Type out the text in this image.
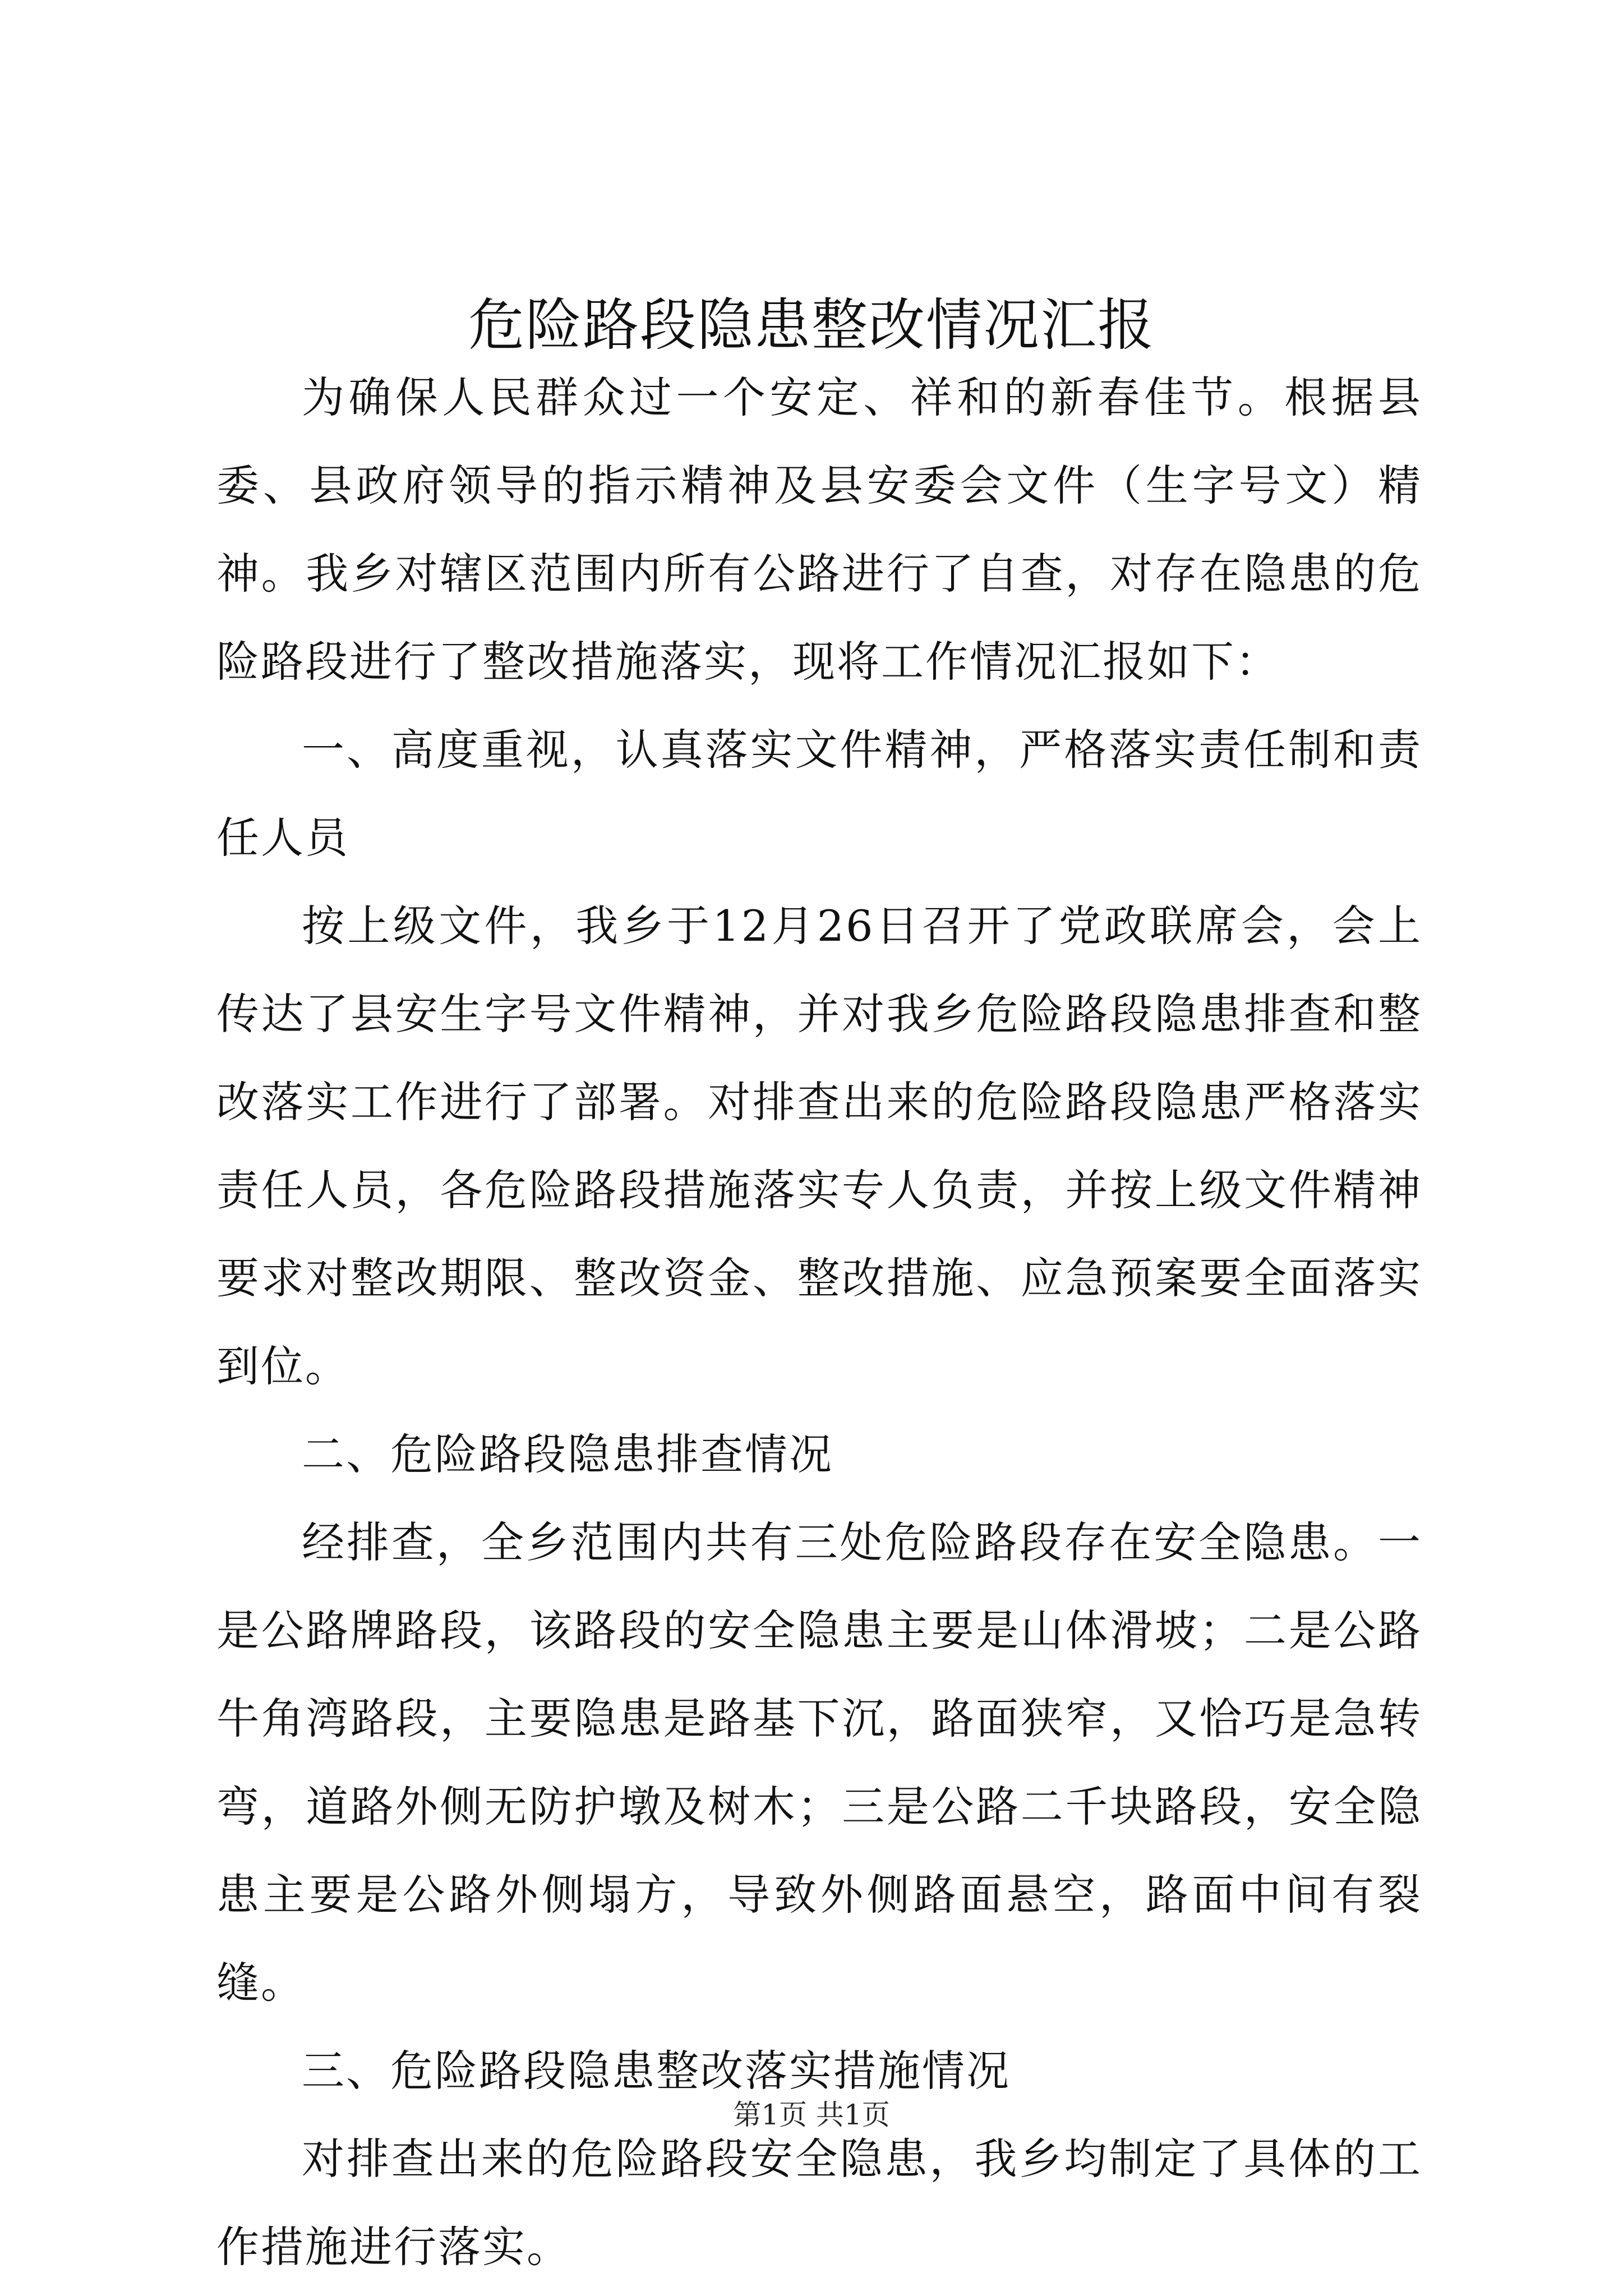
危险路段隐患整改情况汇报

为确保人民群众过一个安定、祥和的新春佳节。根据县委、县政府领导的指示精神及县安委会文件（生字号文）精神。我乡对辖区范围内所有公路进行了自查，对存在隐患的危险路段进行了整改措施落实，现将工作情况汇报如下：

一、高度重视，认真落实文件精神，严格落实责任制和责任人员

按上级文件，我乡于12月26日召开了党政联席会，会上传达了县安生字号文件精神，并对我乡危险路段隐患排查和整改落实工作进行了部署。对排查出来的危险路段隐患严格落实责任人员，各危险路段措施落实专人负责，并按上级文件精神要求对整改期限、整改资金、整改措施、应急预案要全面落实到位。

二、危险路段隐患排查情况

经排查，全乡范围内共有三处危险路段存在安全隐患。一是公路牌路段，该路段的安全隐患主要是山体滑坡；二是公路牛角湾路段，主要隐患是路基下沉，路面狭窄，又恰巧是急转弯，道路外侧无防护墩及树木；三是公路二千块路段，安全隐患主要是公路外侧塌方，导致外侧路面悬空，路面中间有裂缝。

三、危险路段隐患整改落实措施情况

对排查出来的危险路段安全隐患，我乡均制定了具体的工作措施进行落实。

第1页 共1页
